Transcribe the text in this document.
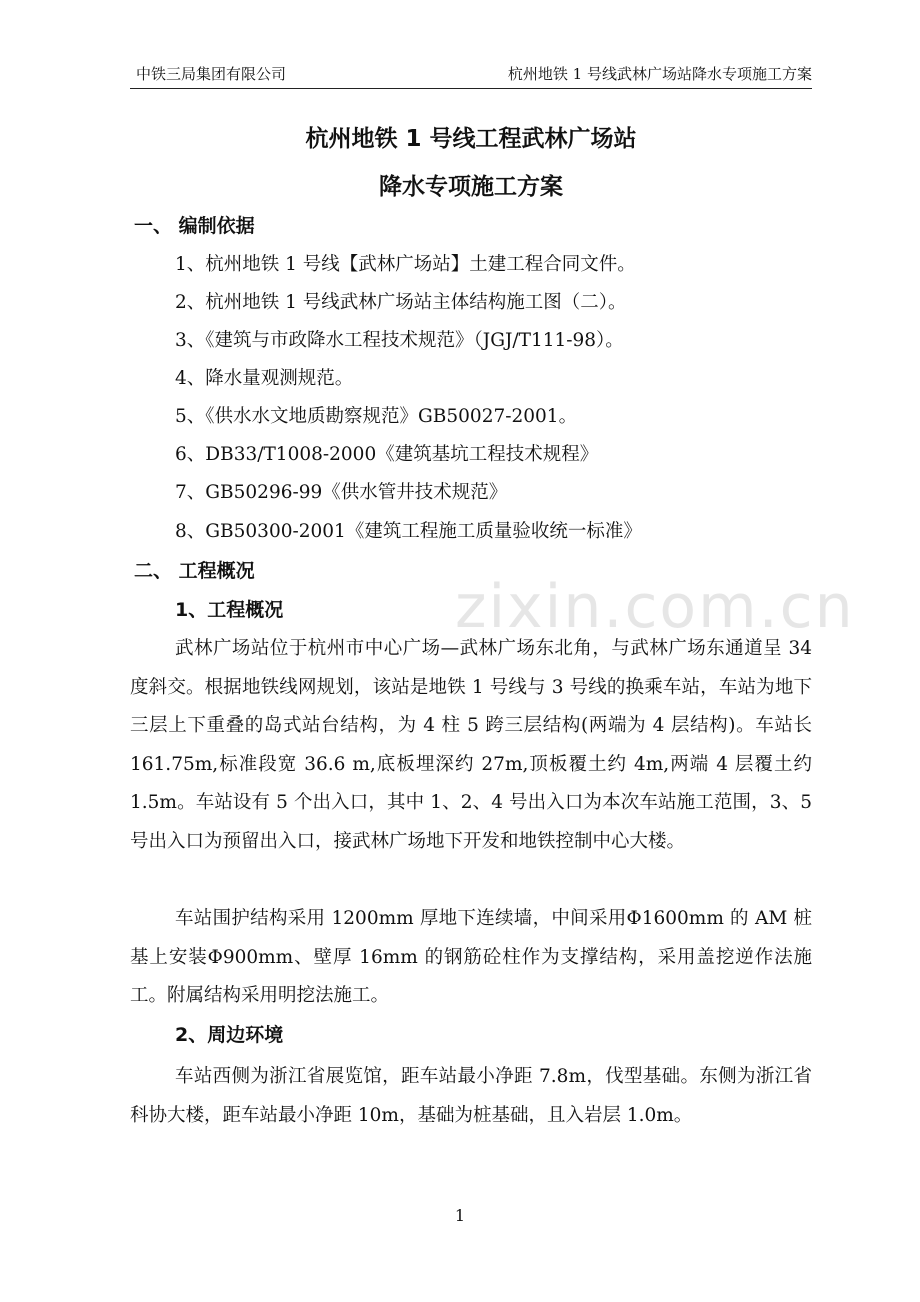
中铁三局集团有限公司	杭州地铁 1 号线武林广场站降水专项施工方案
zixin.com.cn
杭州地铁 1 号线工程武林广场站
降水专项施工方案
一、 编制依据
1、杭州地铁 1 号线【武林广场站】土建工程合同文件。
2、杭州地铁 1 号线武林广场站主体结构施工图（二）。
3、《建筑与市政降水工程技术规范》（JGJ/T111-98）。
4、降水量观测规范。
5、《供水水文地质勘察规范》GB50027-2001。
6、DB33/T1008-2000《建筑基坑工程技术规程》
7、GB50296-99《供水管井技术规范》
8、GB50300-2001《建筑工程施工质量验收统一标准》
二、 工程概况
1、工程概况
武林广场站位于杭州市中心广场—武林广场东北角，与武林广场东通道呈 34 度斜交。根据地铁线网规划，该站是地铁 1 号线与 3 号线的换乘车站，车站为地下三层上下重叠的岛式站台结构，为 4 柱 5 跨三层结构(两端为 4 层结构)。车站长 161.75m,标准段宽 36.6 m,底板埋深约 27m,顶板覆土约 4m,两端 4 层覆土约 1.5m。车站设有 5 个出入口，其中 1、2、4 号出入口为本次车站施工范围，3、5 号出入口为预留出入口，接武林广场地下开发和地铁控制中心大楼。
车站围护结构采用 1200mm 厚地下连续墙，中间采用Φ1600mm 的 AM 桩基上安装Φ900mm、壁厚 16mm 的钢筋砼柱作为支撑结构，采用盖挖逆作法施工。附属结构采用明挖法施工。
2、周边环境
车站西侧为浙江省展览馆，距车站最小净距 7.8m，伐型基础。东侧为浙江省科协大楼，距车站最小净距 10m，基础为桩基础，且入岩层 1.0m。
1
